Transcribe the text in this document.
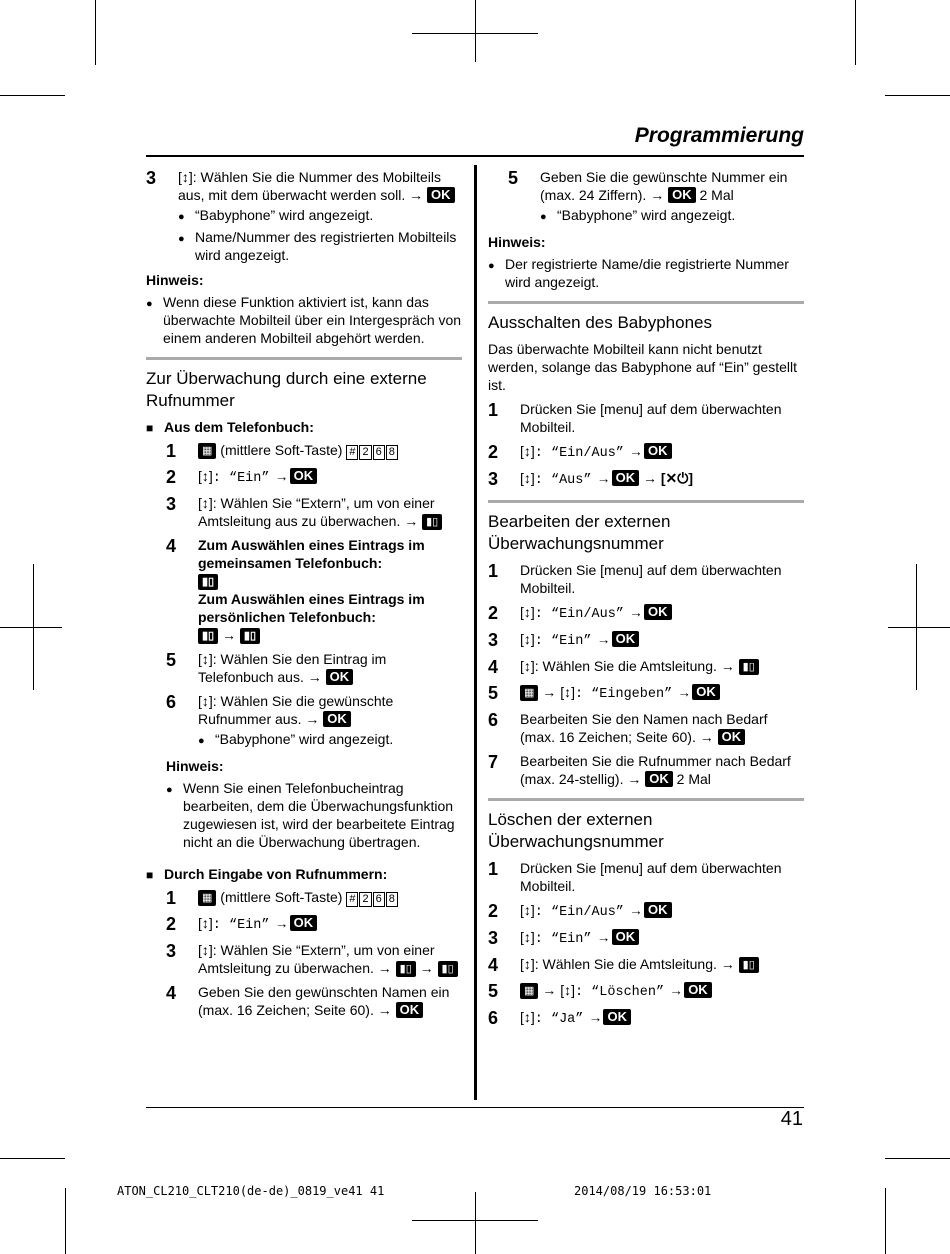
Programmierung
3	[↕]: Wählen Sie die Nummer des Mobilteils aus, mit dem überwacht werden soll. → OK
●
“Babyphone” wird angezeigt.
●
Name/Nummer des registrierten Mobilteils wird angezeigt.
Hinweis:
●
Wenn diese Funktion aktiviert ist, kann das überwachte Mobilteil über ein Intergespräch von einem anderen Mobilteil abgehört werden.
Zur Überwachung durch eine externe Rufnummer
■
Aus dem Telefonbuch:
1	▦ (mittlere Soft-Taste) # 2 6 8
2	[↕]: “Ein” → OK
3	[↕]: Wählen Sie “Extern”, um von einer Amtsleitung aus zu überwachen. → ▮▯
4	Zum Auswählen eines Eintrags im gemeinsamen Telefonbuch:
▮▯
Zum Auswählen eines Eintrags im persönlichen Telefonbuch:
▮▯ → ▮▯
5	[↕]: Wählen Sie den Eintrag im Telefonbuch aus. → OK
6	[↕]: Wählen Sie die gewünschte Rufnummer aus. → OK
●
“Babyphone” wird angezeigt.
Hinweis:
●
Wenn Sie einen Telefonbucheintrag bearbeiten, dem die Überwachungsfunktion zugewiesen ist, wird der bearbeitete Eintrag nicht an die Überwachung übertragen.
■
Durch Eingabe von Rufnummern:
1	▦ (mittlere Soft-Taste) # 2 6 8
2	[↕]: “Ein” → OK
3	[↕]: Wählen Sie “Extern”, um von einer Amtsleitung zu überwachen. → ▮▯ → ▮▯
4	Geben Sie den gewünschten Namen ein (max. 16 Zeichen; Seite 60). → OK
5	Geben Sie die gewünschte Nummer ein (max. 24 Ziffern). → OK 2 Mal
●
“Babyphone” wird angezeigt.
Hinweis:
●
Der registrierte Name/die registrierte Nummer wird angezeigt.
Ausschalten des Babyphones
Das überwachte Mobilteil kann nicht benutzt werden, solange das Babyphone auf “Ein” gestellt ist.
1	Drücken Sie [menu] auf dem überwachten Mobilteil.
2	[↕]: “Ein/Aus” → OK
3	[↕]: “Aus” → OK → [✕⏻]
Bearbeiten der externen Überwachungsnummer
1	Drücken Sie [menu] auf dem überwachten Mobilteil.
2	[↕]: “Ein/Aus” → OK
3	[↕]: “Ein” → OK
4	[↕]: Wählen Sie die Amtsleitung. → ▮▯
5	▦ → [↕]: “Eingeben” → OK
6	Bearbeiten Sie den Namen nach Bedarf (max. 16 Zeichen; Seite 60). → OK
7	Bearbeiten Sie die Rufnummer nach Bedarf (max. 24-stellig). → OK 2 Mal
Löschen der externen Überwachungsnummer
1	Drücken Sie [menu] auf dem überwachten Mobilteil.
2	[↕]: “Ein/Aus” → OK
3	[↕]: “Ein” → OK
4	[↕]: Wählen Sie die Amtsleitung. → ▮▯
5	▦ → [↕]: “Löschen” → OK
6	[↕]: “Ja” → OK
41
ATON_CL210_CLT210(de-de)_0819_ve41 41	2014/08/19 16:53:01
